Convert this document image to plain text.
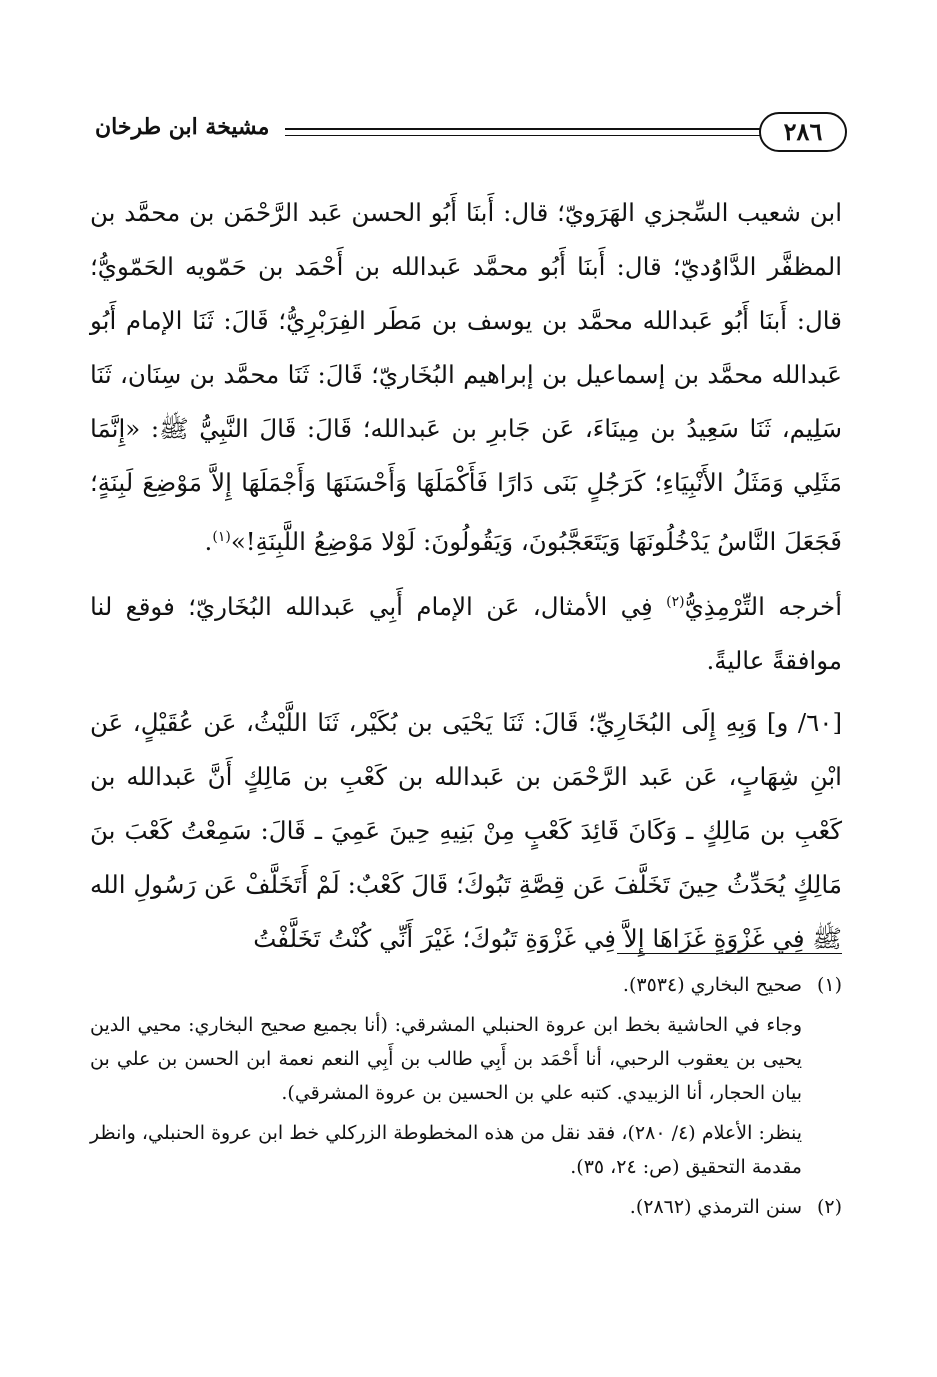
٢٨٦
مشيخة ابن طرخان

ابن شعيب السِّجزي الهَرَويّ؛ قال: أَبنَا أَبُو الحسن عَبد الرَّحْمَن بن محمَّد بن المظفَّر الدَّاوُديّ؛ قال: أَبنَا أَبُو محمَّد عَبدالله بن أَحْمَد بن حَمّويه الحَمّويُّ؛ قال: أَبنَا أَبُو عَبدالله محمَّد بن يوسف بن مَطَر الفِرَبْرِيُّ؛ قَالَ: ثَنَا الإمام أَبُو عَبدالله محمَّد بن إسماعيل بن إبراهيم البُخَاريّ؛ قَالَ: ثَنَا محمَّد بن سِنَان، ثَنَا سَلِيم، ثَنَا سَعِيدُ بن مِينَاءَ، عَن جَابرِ بن عَبدالله؛ قَالَ: قَالَ النَّبِيُّ ﷺ: «إِنَّمَا مَثَلِي وَمَثَلُ الأَنْبِيَاءِ؛ كَرَجُلٍ بَنَى دَارًا فَأَكْمَلَهَا وَأَحْسَنَهَا وَأَجْمَلَهَا إِلاَّ مَوْضِعَ لَبِنَةٍ؛ فَجَعَلَ النَّاسُ يَدْخُلُونَهَا وَيَتَعَجَّبُونَ، وَيَقُولُونَ: لَوْلا مَوْضِعُ اللَّبِنَةِ!»$^{(١)}$.

أخرجه التِّرْمِذِيُّ$^{(٢)}$ فِي الأمثال، عَن الإمام أَبِي عَبدالله البُخَاريّ؛ فوقع لنا موافقةً عاليةً.

[٦٠/ و] وَبِهِ إِلَى البُخَارِيِّ؛ قَالَ: ثَنَا يَحْيَى بن بُكَيْر، ثَنَا اللَّيْثُ، عَن عُقَيْلٍ، عَن ابْنِ شِهَابٍ، عَن عَبد الرَّحْمَن بن عَبدالله بن كَعْبِ بن مَالِكٍ أَنَّ عَبدالله بن كَعْبِ بن مَالِكٍ ـ وَكَانَ قَائِدَ كَعْبٍ مِنْ بَنِيهِ حِينَ عَمِيَ ـ قَالَ: سَمِعْتُ كَعْبَ بنَ مَالِكٍ يُحَدِّثُ حِينَ تَخَلَّفَ عَن قِصَّةِ تَبُوكَ؛ قَالَ كَعْبٌ: لَمْ أَتَخَلَّفْ عَن رَسُولِ الله ﷺ فِي غَزْوَةٍ غَزَاهَا إِلاَّ فِي غَزْوَةِ تَبُوكَ؛ غَيْرَ أَنِّي كُنْتُ تَخَلَّفْتُ

(١)صحيح البخاري (٣٥٣٤).

وجاء في الحاشية بخط ابن عروة الحنبلي المشرقي: (أنا بجميع صحيح البخاري: محيي الدين يحيى بن يعقوب الرحبي، أنا أَحْمَد بن أَبِي طالب بن أَبِي النعم نعمة ابن الحسن بن علي بن بيان الحجار، أنا الزبيدي. كتبه علي بن الحسين بن عروة المشرقي).

ينظر: الأعلام (٤/ ٢٨٠)، فقد نقل من هذه المخطوطة الزركلي خط ابن عروة الحنبلي، وانظر مقدمة التحقيق (ص: ٢٤، ٣٥).

(٢)سنن الترمذي (٢٨٦٢).
